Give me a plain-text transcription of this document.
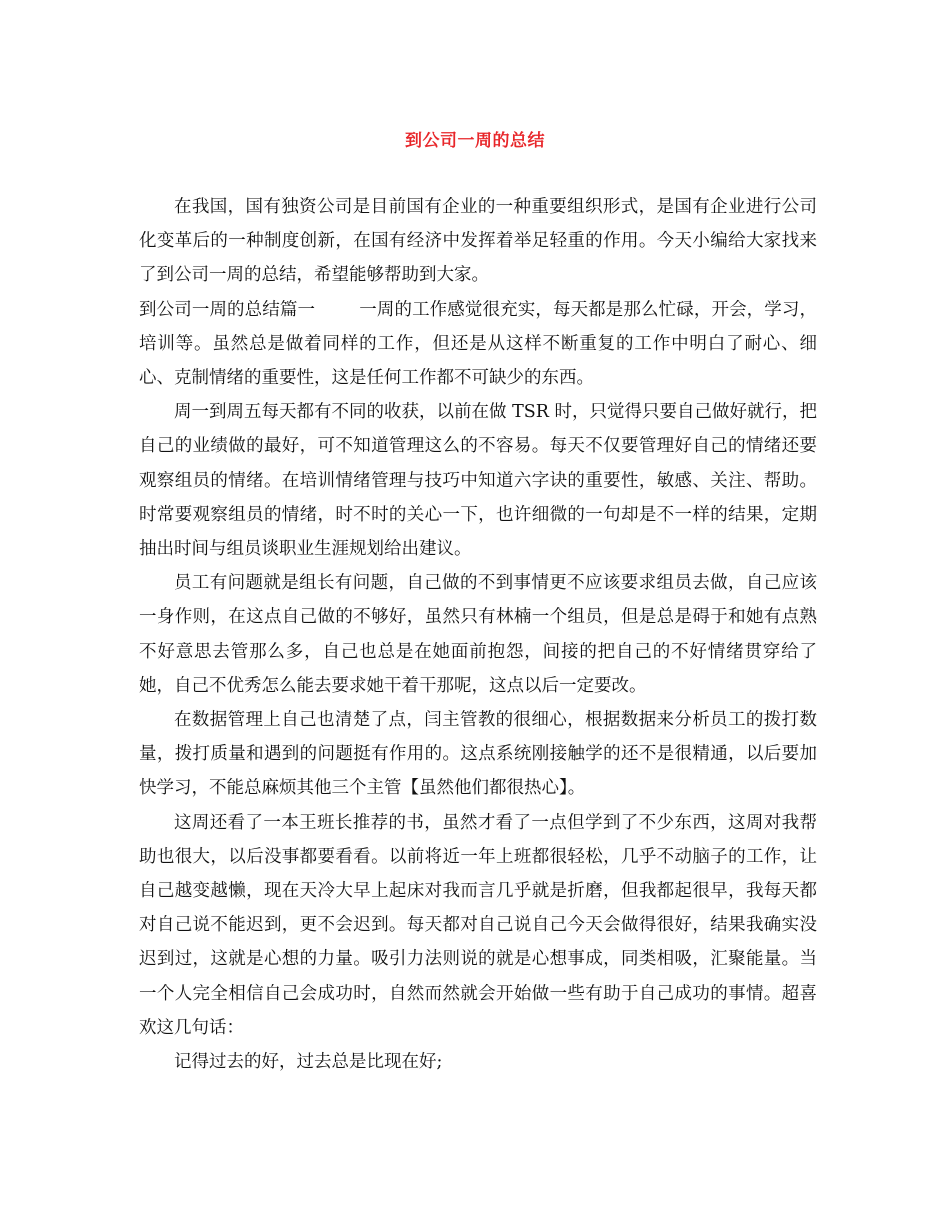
到公司一周的总结

在我国，国有独资公司是目前国有企业的一种重要组织形式，是国有企业进行公司化变革后的一种制度创新，在国有经济中发挥着举足轻重的作用。今天小编给大家找来了到公司一周的总结，希望能够帮助到大家。

到公司一周的总结篇一	一周的工作感觉很充实，每天都是那么忙碌，开会，学习，培训等。虽然总是做着同样的工作，但还是从这样不断重复的工作中明白了耐心、细心、克制情绪的重要性，这是任何工作都不可缺少的东西。

周一到周五每天都有不同的收获，以前在做 TSR 时，只觉得只要自己做好就行，把自己的业绩做的最好，可不知道管理这么的不容易。每天不仅要管理好自己的情绪还要观察组员的情绪。在培训情绪管理与技巧中知道六字诀的重要性，敏感、关注、帮助。时常要观察组员的情绪，时不时的关心一下，也许细微的一句却是不一样的结果，定期抽出时间与组员谈职业生涯规划给出建议。

员工有问题就是组长有问题，自己做的不到事情更不应该要求组员去做，自己应该一身作则，在这点自己做的不够好，虽然只有林楠一个组员，但是总是碍于和她有点熟不好意思去管那么多，自己也总是在她面前抱怨，间接的把自己的不好情绪贯穿给了她，自己不优秀怎么能去要求她干着干那呢，这点以后一定要改。

在数据管理上自己也清楚了点，闫主管教的很细心，根据数据来分析员工的拨打数量，拨打质量和遇到的问题挺有作用的。这点系统刚接触学的还不是很精通，以后要加快学习，不能总麻烦其他三个主管【虽然他们都很热心】。

这周还看了一本王班长推荐的书，虽然才看了一点但学到了不少东西，这周对我帮助也很大，以后没事都要看看。以前将近一年上班都很轻松，几乎不动脑子的工作，让自己越变越懒，现在天冷大早上起床对我而言几乎就是折磨，但我都起很早，我每天都对自己说不能迟到，更不会迟到。每天都对自己说自己今天会做得很好，结果我确实没迟到过，这就是心想的力量。吸引力法则说的就是心想事成，同类相吸，汇聚能量。当一个人完全相信自己会成功时，自然而然就会开始做一些有助于自己成功的事情。超喜欢这几句话：

记得过去的好，过去总是比现在好;
